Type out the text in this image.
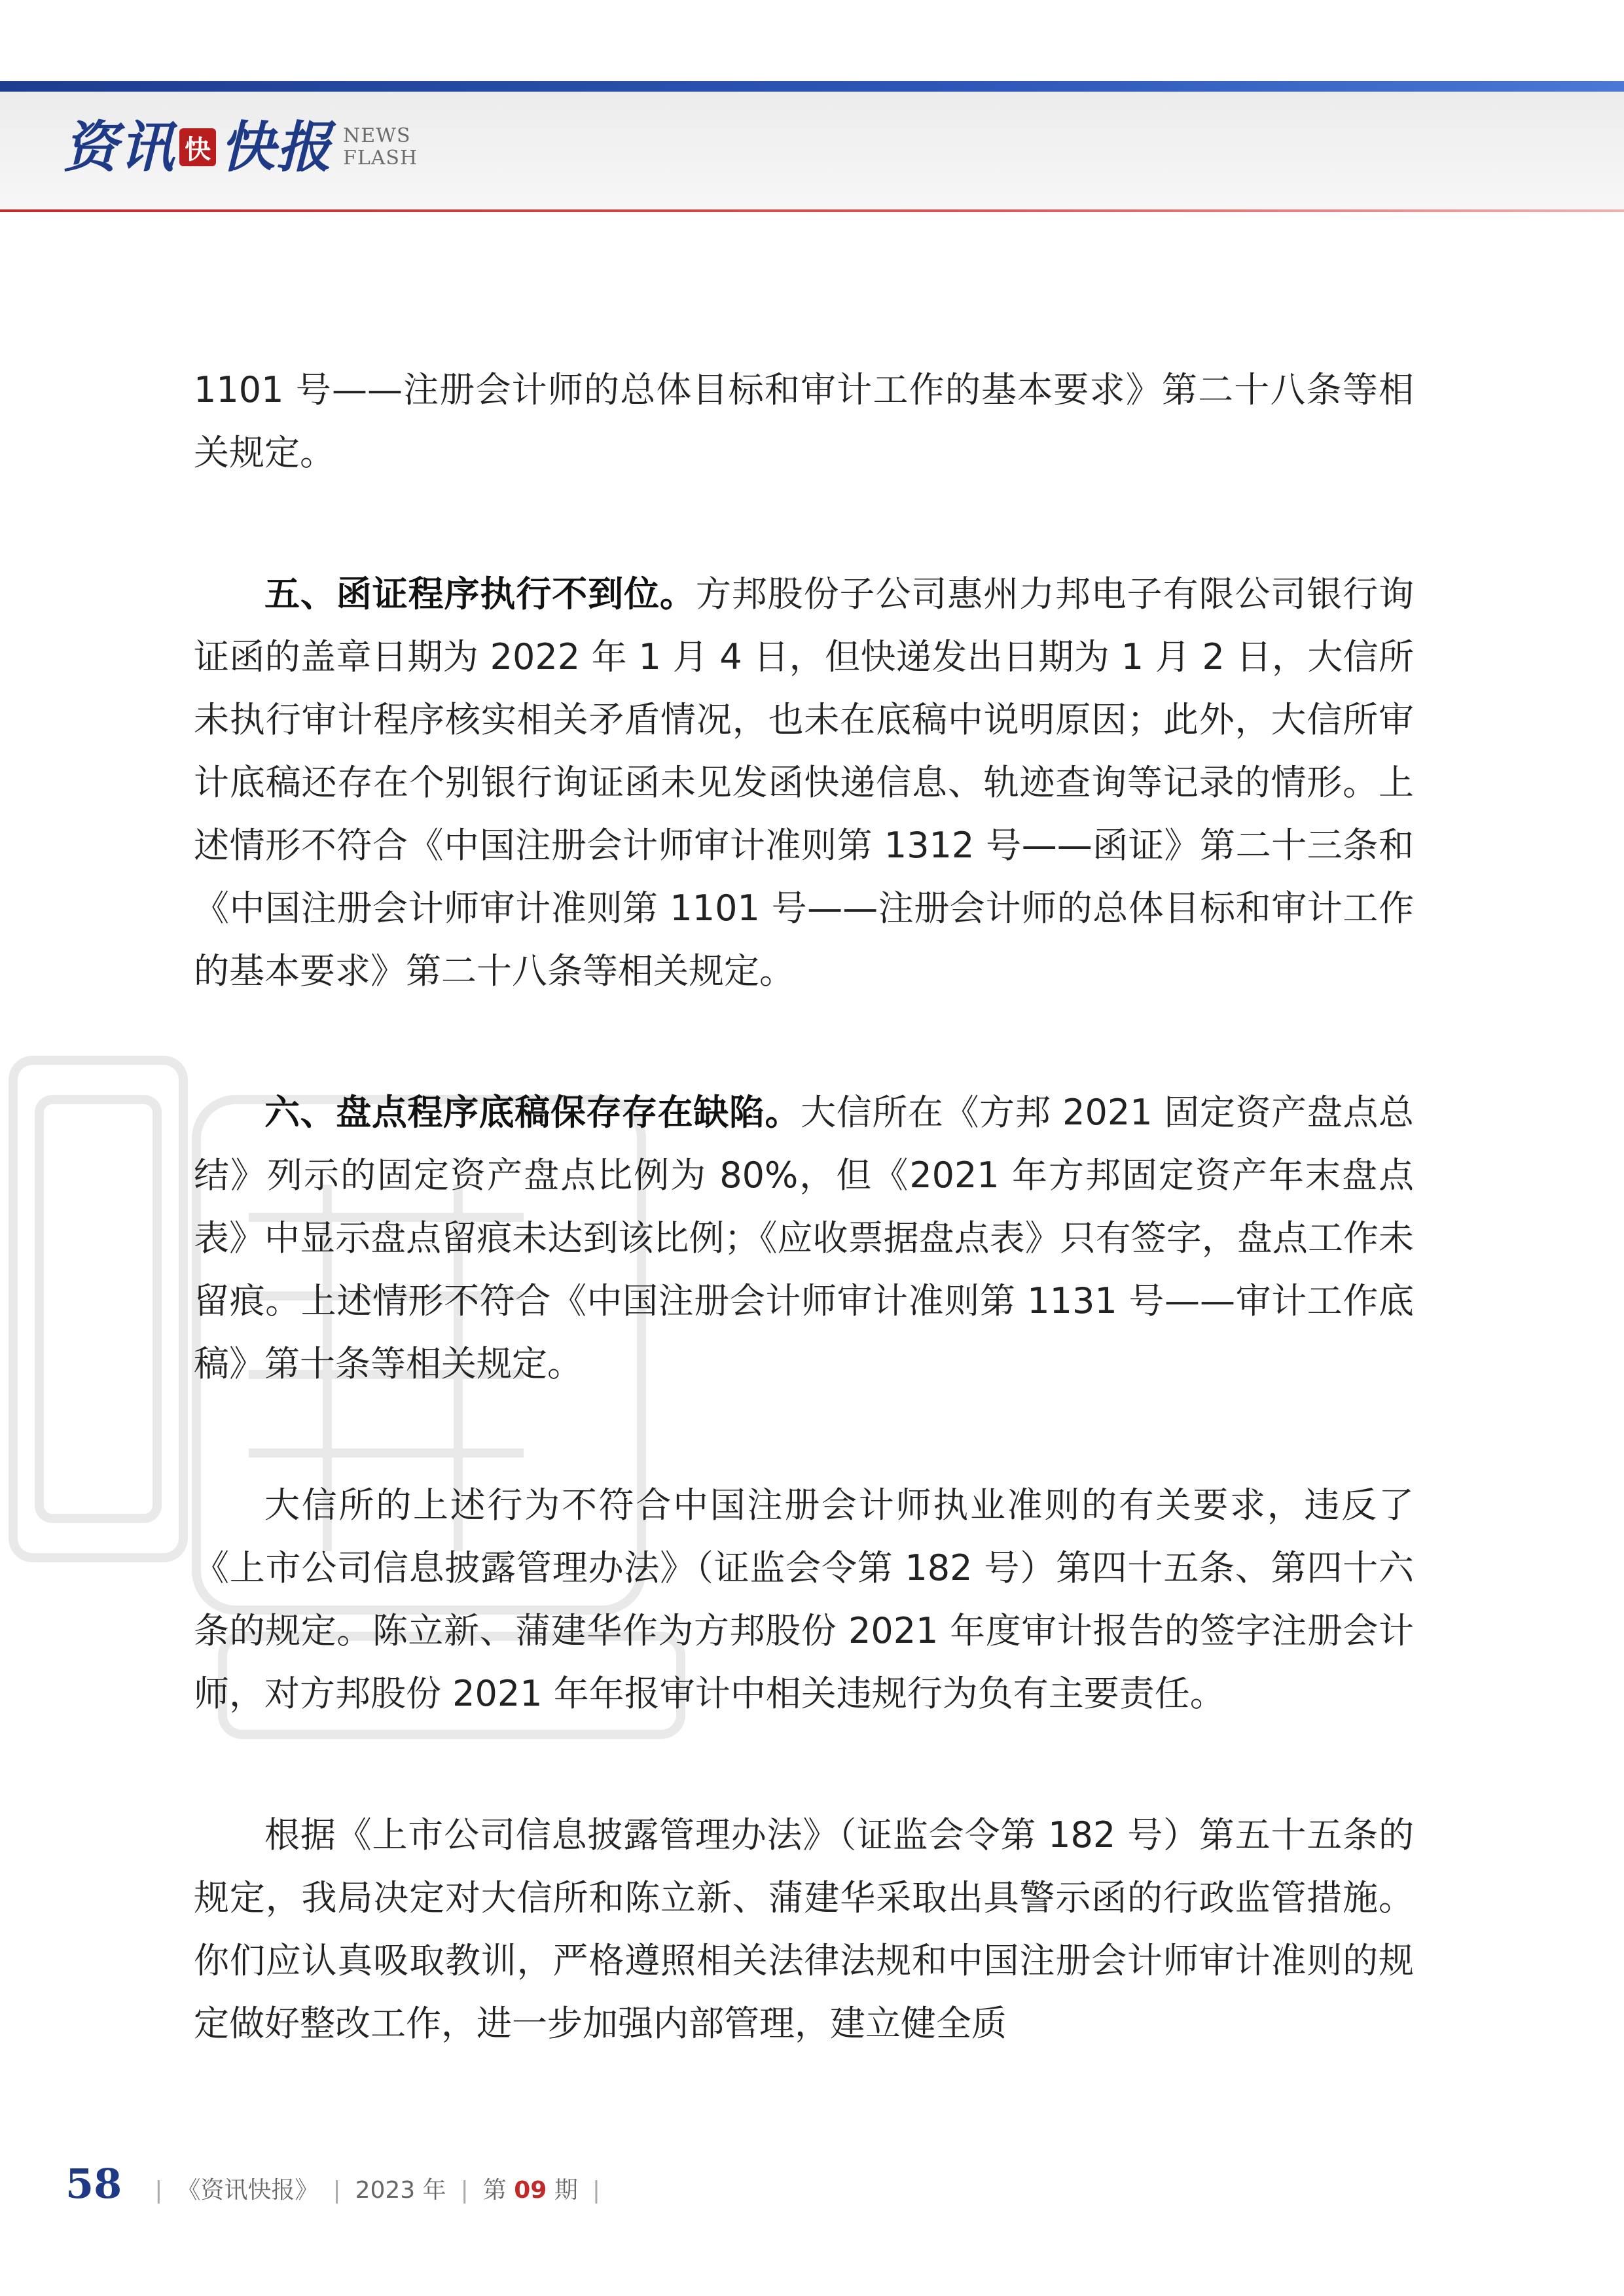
资讯 快 快报 NEWS
FLASH

1101 号——注册会计师的总体目标和审计工作的基本要求》第二十八条等相关规定。

五、函证程序执行不到位。方邦股份子公司惠州力邦电子有限公司银行询证函的盖章日期为 2022 年 1 月 4 日，但快递发出日期为 1 月 2 日，大信所未执行审计程序核实相关矛盾情况，也未在底稿中说明原因；此外，大信所审计底稿还存在个别银行询证函未见发函快递信息、轨迹查询等记录的情形。上述情形不符合《中国注册会计师审计准则第 1312 号——函证》第二十三条和《中国注册会计师审计准则第 1101 号——注册会计师的总体目标和审计工作的基本要求》第二十八条等相关规定。

六、盘点程序底稿保存存在缺陷。大信所在《方邦 2021 固定资产盘点总结》列示的固定资产盘点比例为 80%，但《2021 年方邦固定资产年末盘点表》中显示盘点留痕未达到该比例；《应收票据盘点表》只有签字，盘点工作未留痕。上述情形不符合《中国注册会计师审计准则第 1131 号——审计工作底稿》第十条等相关规定。

大信所的上述行为不符合中国注册会计师执业准则的有关要求，违反了《上市公司信息披露管理办法》（证监会令第 182 号）第四十五条、第四十六条的规定。陈立新、蒲建华作为方邦股份 2021 年度审计报告的签字注册会计师，对方邦股份 2021 年年报审计中相关违规行为负有主要责任。

根据《上市公司信息披露管理办法》（证监会令第 182 号）第五十五条的规定，我局决定对大信所和陈立新、蒲建华采取出具警示函的行政监管措施。你们应认真吸取教训，严格遵照相关法律法规和中国注册会计师审计准则的规定做好整改工作，进一步加强内部管理，建立健全质

58 | 《资讯快报》 | 2023 年 | 第 09 期 |
